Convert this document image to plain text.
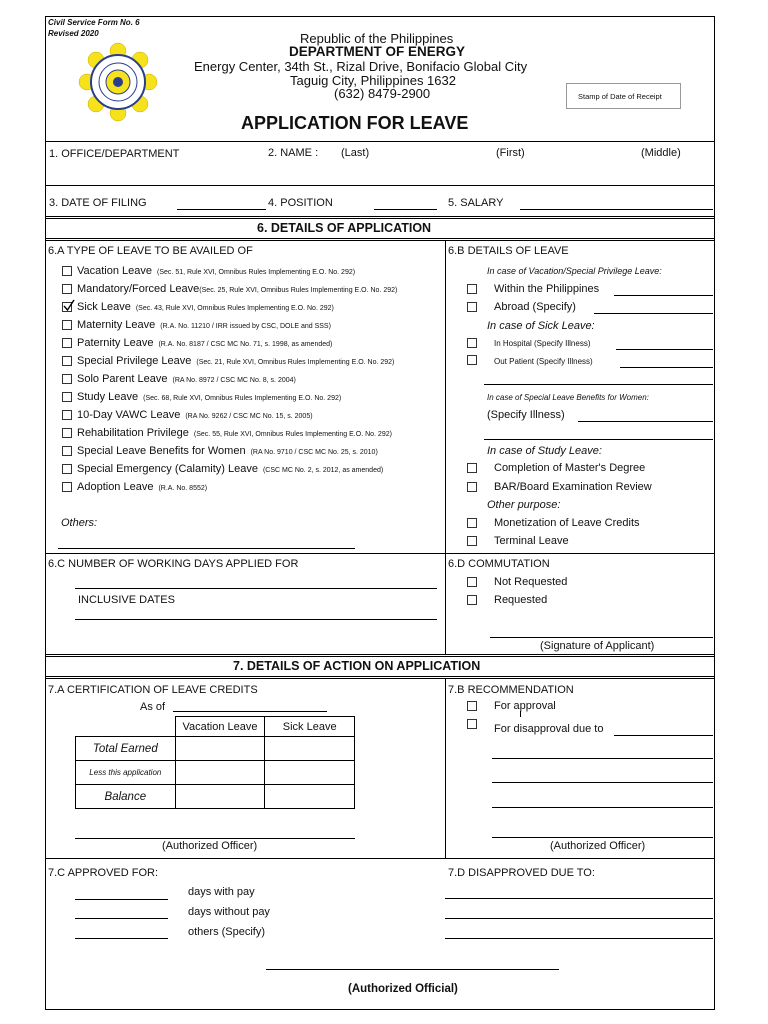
Civil Service Form No. 6
Revised 2020	Republic of the Philippines
DEPARTMENT OF ENERGY
Energy Center, 34th St., Rizal Drive, Bonifacio Global City
Taguig City, Philippines 1632
(632) 8479-2900	Stamp of Date of Receipt
APPLICATION FOR LEAVE
1. OFFICE/DEPARTMENT	2. NAME : (Last)	(First)	(Middle)
3. DATE OF FILING	4. POSITION	5. SALARY
6. DETAILS OF APPLICATION
6.A TYPE OF LEAVE TO BE AVAILED OF
Vacation Leave (Sec. 51, Rule XVI, Omnibus Rules Implementing E.O. No. 292)
Mandatory/Forced Leave(Sec. 25, Rule XVI, Omnibus Rules Implementing E.O. No. 292)
Sick Leave (Sec. 43, Rule XVI, Omnibus Rules Implementing E.O. No. 292)
Maternity Leave (R.A. No. 11210 / IRR issued by CSC, DOLE and SSS)
Paternity Leave (R.A. No. 8187 / CSC MC No. 71, s. 1998, as amended)
Special Privilege Leave (Sec. 21, Rule XVI, Omnibus Rules Implementing E.O. No. 292)
Solo Parent Leave (RA No. 8972 / CSC MC No. 8, s. 2004)
Study Leave (Sec. 68, Rule XVI, Omnibus Rules Implementing E.O. No. 292)
10-Day VAWC Leave (RA No. 9262 / CSC MC No. 15, s. 2005)
Rehabilitation Privilege (Sec. 55, Rule XVI, Omnibus Rules Implementing E.O. No. 292)
Special Leave Benefits for Women (RA No. 9710 / CSC MC No. 25, s. 2010)
Special Emergency (Calamity) Leave (CSC MC No. 2, s. 2012, as amended)
Adoption Leave (R.A. No. 8552)
Others:
6.B DETAILS OF LEAVE
In case of Vacation/Special Privilege Leave:
Within the Philippines
Abroad (Specify)
In case of Sick Leave:
In Hospital (Specify Illness)
Out Patient (Specify Illness)
In case of Special Leave Benefits for Women:
(Specify Illness)
In case of Study Leave:
Completion of Master's Degree
BAR/Board Examination Review
Other purpose:
Monetization of Leave Credits
Terminal Leave
6.C NUMBER OF WORKING DAYS APPLIED FOR
INCLUSIVE DATES
6.D COMMUTATION
Not Requested
Requested
(Signature of Applicant)
7. DETAILS OF ACTION ON APPLICATION
7.A CERTIFICATION OF LEAVE CREDITS
As of
	Vacation Leave	Sick Leave
Total Earned		
Less this application		
Balance		
(Authorized Officer)
7.B RECOMMENDATION
For approval
For disapproval due to
(Authorized Officer)
7.C APPROVED FOR:
days with pay
days without pay
others (Specify)
7.D DISAPPROVED DUE TO:
(Authorized Official)
